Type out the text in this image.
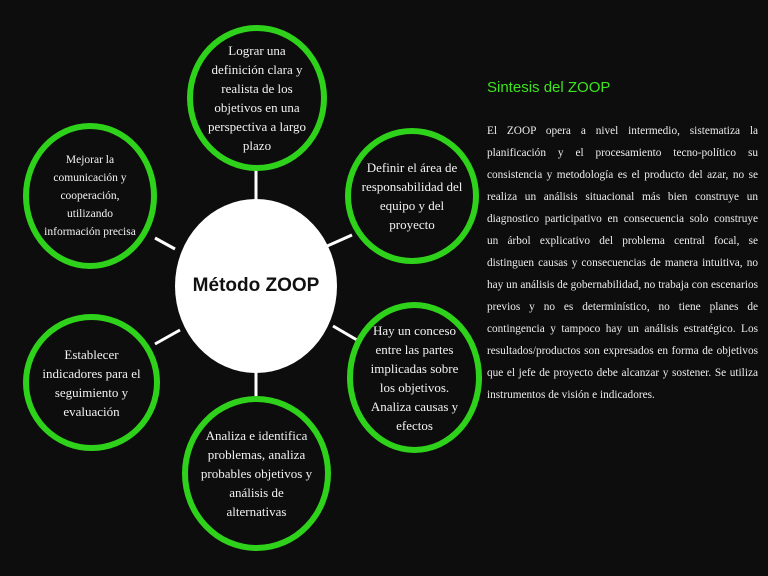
Método ZOOP
Lograr una definición clara y realista de los objetivos en una perspectiva a largo plazo
Definir el área de responsabilidad del equipo y del proyecto
Hay un conceso entre las partes implicadas sobre los objetivos. Analiza causas y efectos
Analiza e identifica problemas, analiza probables objetivos y análisis de alternativas
Establecer indicadores para el seguimiento y evaluación
Mejorar la comunicación y cooperación, utilizando información precisa
Sintesis del ZOOP
El ZOOP opera a nivel intermedio, sistematiza la planificación y el procesamiento tecno-político su consistencia y metodología es el producto del azar, no se realiza un análisis situacional más bien construye un diagnostico participativo en consecuencia solo construye un árbol explicativo del problema central focal, se distinguen causas y consecuencias de manera intuitiva, no hay un análisis de gobernabilidad, no trabaja con escenarios previos y no es determinístico, no tiene planes de contingencia y tampoco hay un análisis estratégico. Los resultados/productos son expresados en forma de objetivos que el jefe de proyecto debe alcanzar y sostener. Se utiliza instrumentos de visión e indicadores.
